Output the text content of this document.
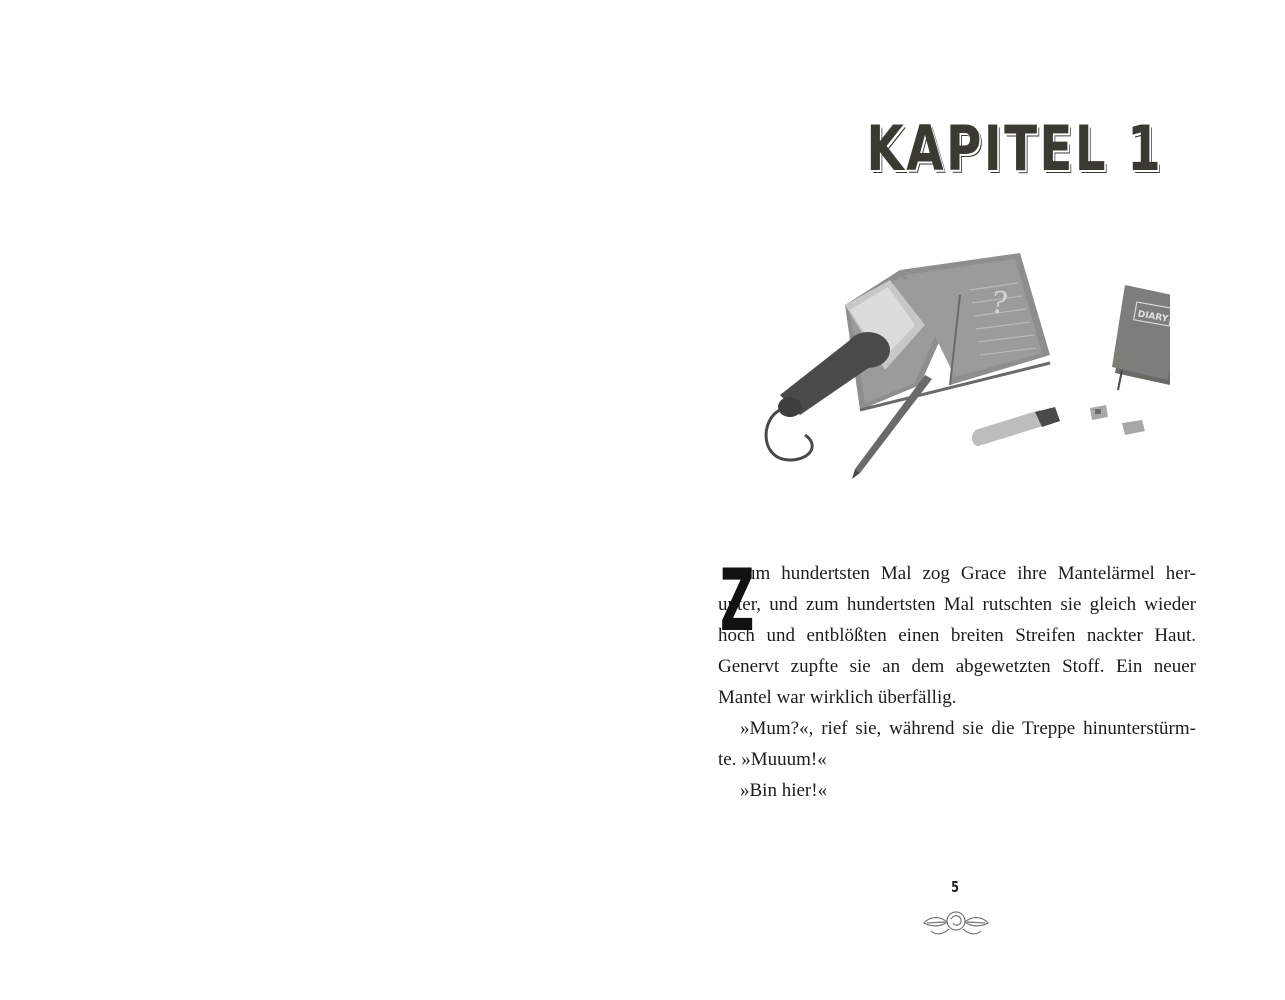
KAPITEL 1
?	DIARY
Z
um hundertsten Mal zog Grace ihre Mantelärmel her-
unter, und zum hundertsten Mal rutschten sie gleich wieder
hoch und entblößten einen breiten Streifen nackter Haut.
Genervt zupfte sie an dem abgewetzten Stoff. Ein neuer
Mantel war wirklich überfällig.
»Mum?«, rief sie, während sie die Treppe hinunterstürm-
te. »Muuum!«
»Bin hier!«
5
